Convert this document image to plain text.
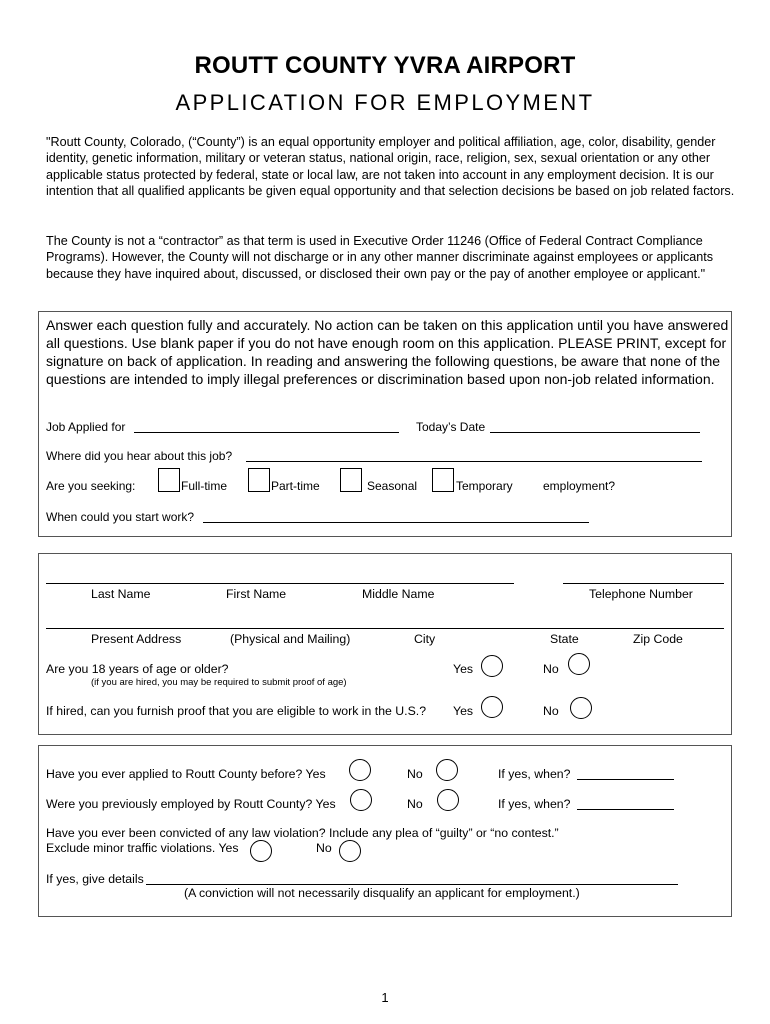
ROUTT COUNTY YVRA AIRPORT
APPLICATION FOR EMPLOYMENT

"Routt County, Colorado, (“County”) is an equal opportunity employer and political affiliation, age, color, disability, gender identity, genetic information, military or veteran status, national origin, race, religion, sex, sexual orientation or any other applicable status protected by federal, state or local law, are not taken into account in any employment decision. It is our intention that all qualified applicants be given equal opportunity and that selection decisions be based on job related factors.

The County is not a “contractor” as that term is used in Executive Order 11246 (Office of Federal Contract Compliance Programs). However, the County will not discharge or in any other manner discriminate against employees or applicants because they have inquired about, discussed, or disclosed their own pay or the pay of another employee or applicant."

Answer each question fully and accurately. No action can be taken on this application until you have answered all questions. Use blank paper if you do not have enough room on this application. PLEASE PRINT, except for signature on back of application. In reading and answering the following questions, be aware that none of the questions are intended to imply illegal preferences or discrimination based upon non-job related information.

Job Applied for	Today’s Date
Where did you hear about this job?
Are you seeking:	Full-time	Part-time	Seasonal	Temporary	employment?
When could you start work?
Last Name	First Name	Middle Name	Telephone Number
Present Address	(Physical and Mailing)	City	State	Zip Code
Are you 18 years of age or older?
(if you are hired, you may be required to submit proof of age)
Yes	No
If hired, can you furnish proof that you are eligible to work in the U.S.? Yes	No
Have you ever applied to Routt County before? Yes	No	If yes, when?
Were you previously employed by Routt County? Yes	No	If yes, when?
Have you ever been convicted of any law violation? Include any plea of “guilty” or “no contest.”
Exclude minor traffic violations. Yes	No
If yes, give details
(A conviction will not necessarily disqualify an applicant for employment.)
1
